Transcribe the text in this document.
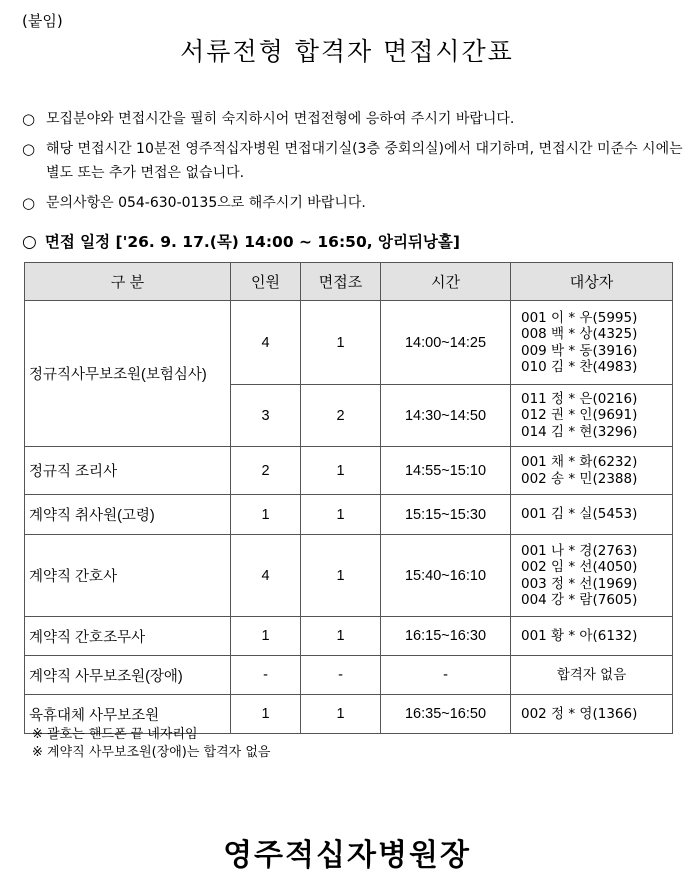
(붙임)
서류전형 합격자 면접시간표
○ 모집분야와 면접시간을 필히 숙지하시어 면접전형에 응하여 주시기 바랍니다.
○ 해당 면접시간 10분전 영주적십자병원 면접대기실(3층 중회의실)에서 대기하며, 면접시간 미준수 시에는 별도 또는 추가 면접은 없습니다.
○ 문의사항은 054-630-0135으로 해주시기 바랍니다.
○ 면접 일정 ['26. 9. 17.(목) 14:00 ~ 16:50, 앙리뒤낭홀]
구 분	인원	면접조	시간	대상자
정규직사무보조원(보험심사)	4	1	14:00~14:25	001 이 * 우(5995)
008 백 * 상(4325)
009 박 * 동(3916)
010 김 * 찬(4983)

	3	2	14:30~14:50	011 정 * 은(0216)
012 권 * 인(9691)
014 김 * 현(3296)

정규직 조리사	2	1	14:55~15:10	001 채 * 화(6232)
002 송 * 민(2388)

계약직 취사원(고령)	1	1	15:15~15:30	001 김 * 실(5453)

계약직 간호사	4	1	15:40~16:10	001 나 * 경(2763)
002 임 * 선(4050)
003 정 * 선(1969)
004 강 * 람(7605)

계약직 간호조무사	1	1	16:15~16:30	001 황 * 아(6132)

계약직 사무보조원(장애)	-	-	-	합격자 없음

육휴대체 사무보조원	1	1	16:35~16:50	002 정 * 영(1366)
※ 괄호는 핸드폰 끝 네자리임
※ 계약직 사무보조원(장애)는 합격자 없음
영주적십자병원장
